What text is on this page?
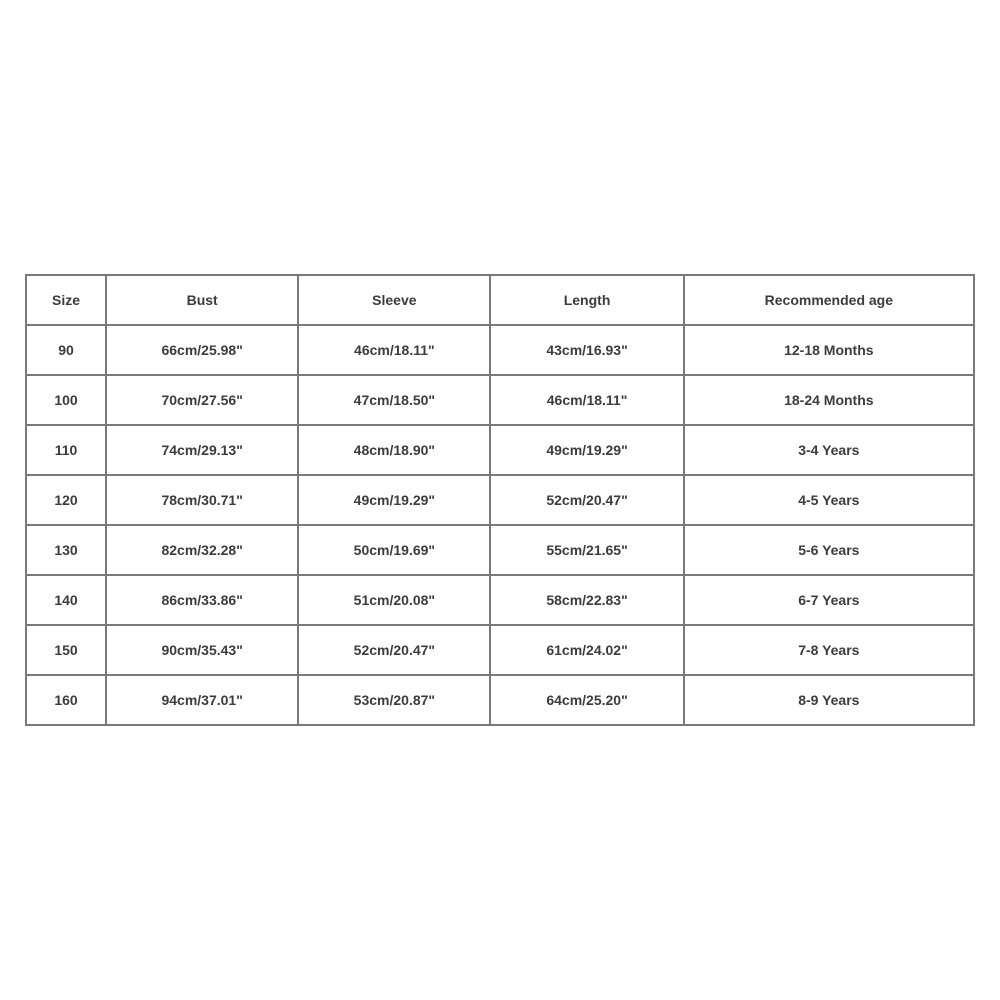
Size	Bust	Sleeve	Length	Recommended age
90	66cm/25.98"	46cm/18.11"	43cm/16.93"	12-18 Months
100	70cm/27.56"	47cm/18.50"	46cm/18.11"	18-24 Months
110	74cm/29.13"	48cm/18.90"	49cm/19.29"	3-4 Years
120	78cm/30.71"	49cm/19.29"	52cm/20.47"	4-5 Years
130	82cm/32.28"	50cm/19.69"	55cm/21.65"	5-6 Years
140	86cm/33.86"	51cm/20.08"	58cm/22.83"	6-7 Years
150	90cm/35.43"	52cm/20.47"	61cm/24.02"	7-8 Years
160	94cm/37.01"	53cm/20.87"	64cm/25.20"	8-9 Years
